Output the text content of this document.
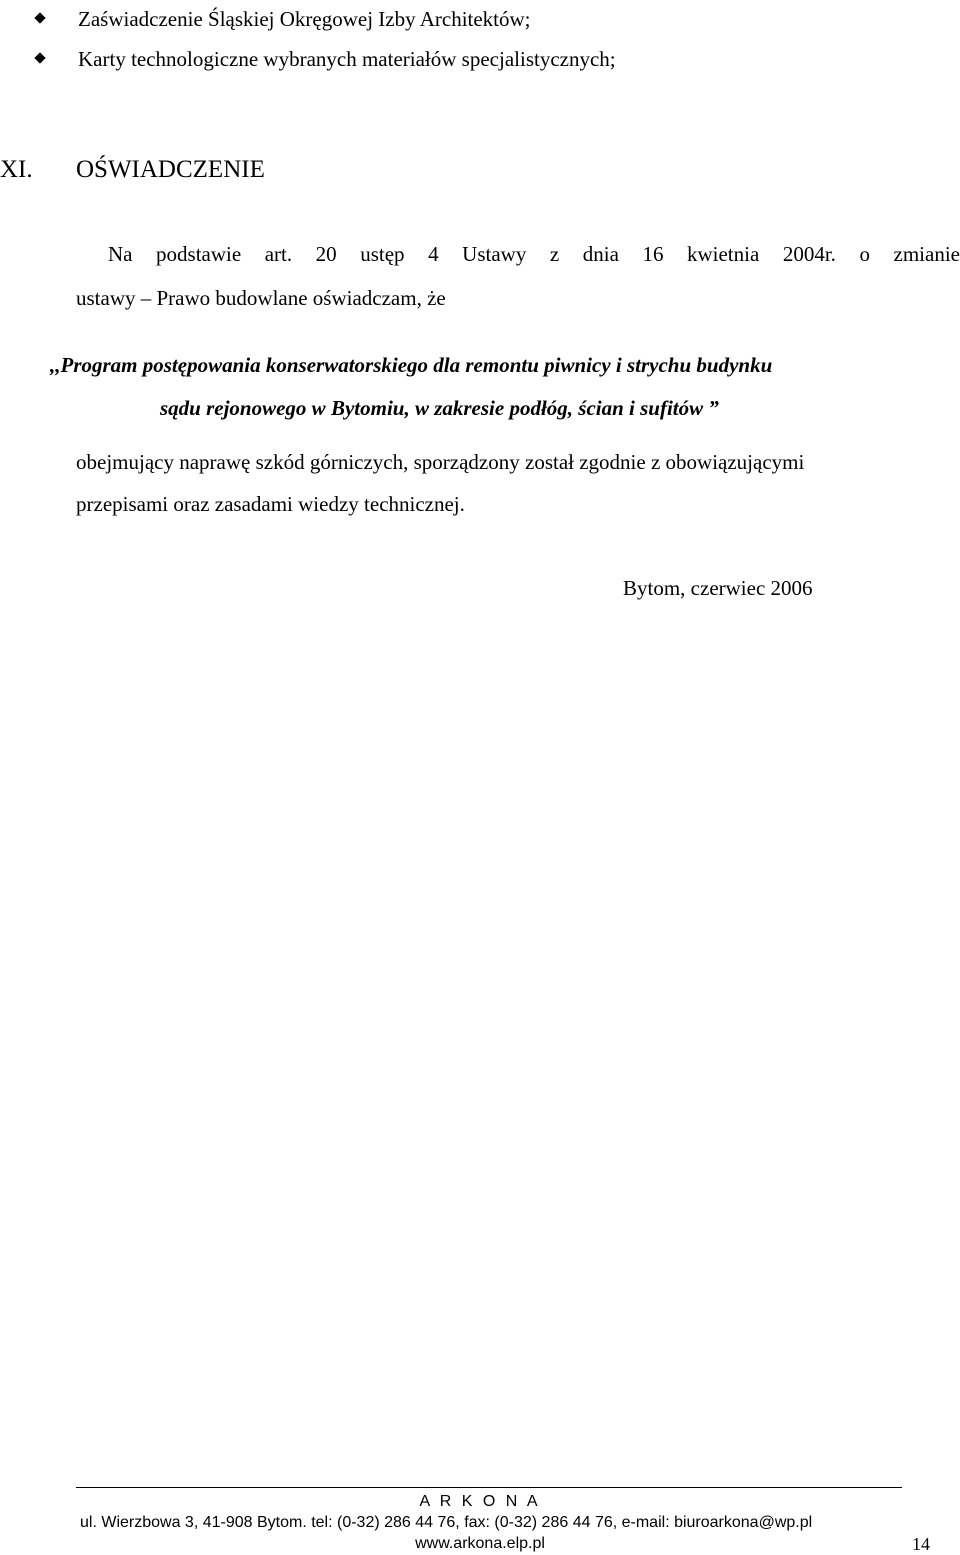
Zaświadczenie Śląskiej Okręgowej Izby Architektów;
Karty technologiczne wybranych materiałów specjalistycznych;
XI. OŚWIADCZENIE
Na podstawie art. 20 ustęp 4 Ustawy z dnia 16 kwietnia 2004r. o zmianie
ustawy – Prawo budowlane oświadczam, że
,,Program postępowania konserwatorskiego dla remontu piwnicy i strychu budynku
sądu rejonowego w Bytomiu, w zakresie podłóg, ścian i sufitów ”
obejmujący naprawę szkód górniczych, sporządzony został zgodnie z obowiązującymi
przepisami oraz zasadami wiedzy technicznej.
Bytom, czerwiec 2006
A R K O N A
ul. Wierzbowa 3, 41-908 Bytom. tel: (0-32) 286 44 76, fax: (0-32) 286 44 76, e-mail: biuroarkona@wp.pl
www.arkona.elp.pl	14
